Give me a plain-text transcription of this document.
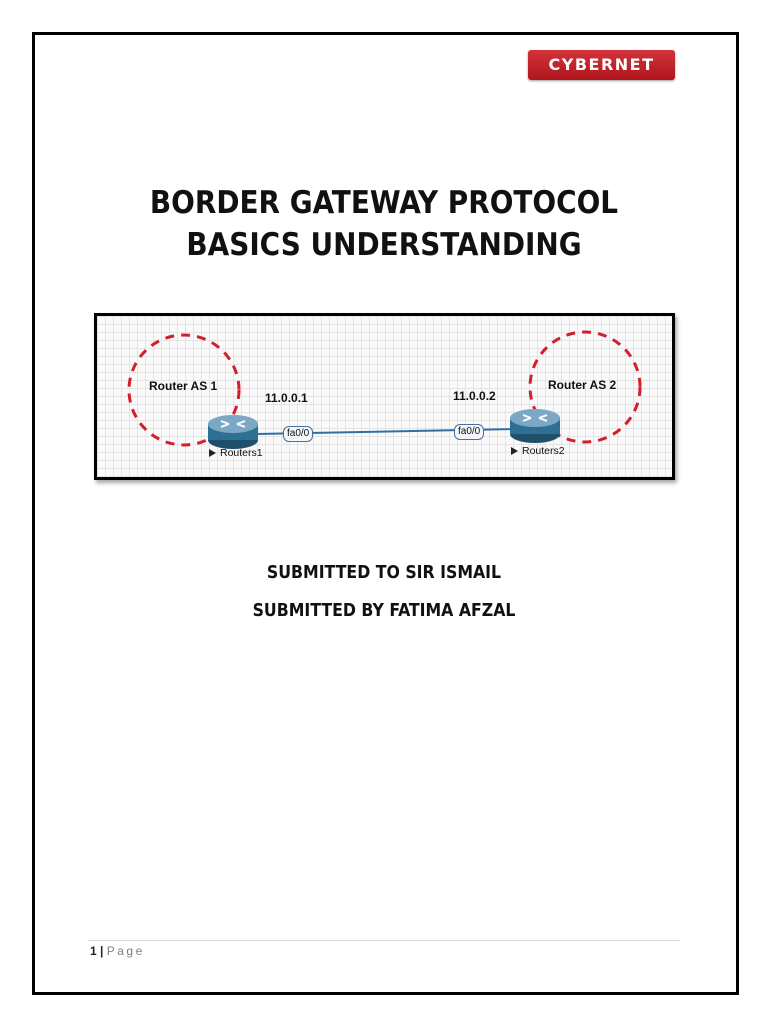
CYBERNET
BORDER GATEWAY PROTOCOL
BASICS UNDERSTANDING
Router AS 1	Router AS 2
11.0.0.1	11.0.0.2
fa0/0	fa0/0
Routers1	Routers2
SUBMITTED TO SIR ISMAIL
SUBMITTED BY FATIMA AFZAL
1 | Page
